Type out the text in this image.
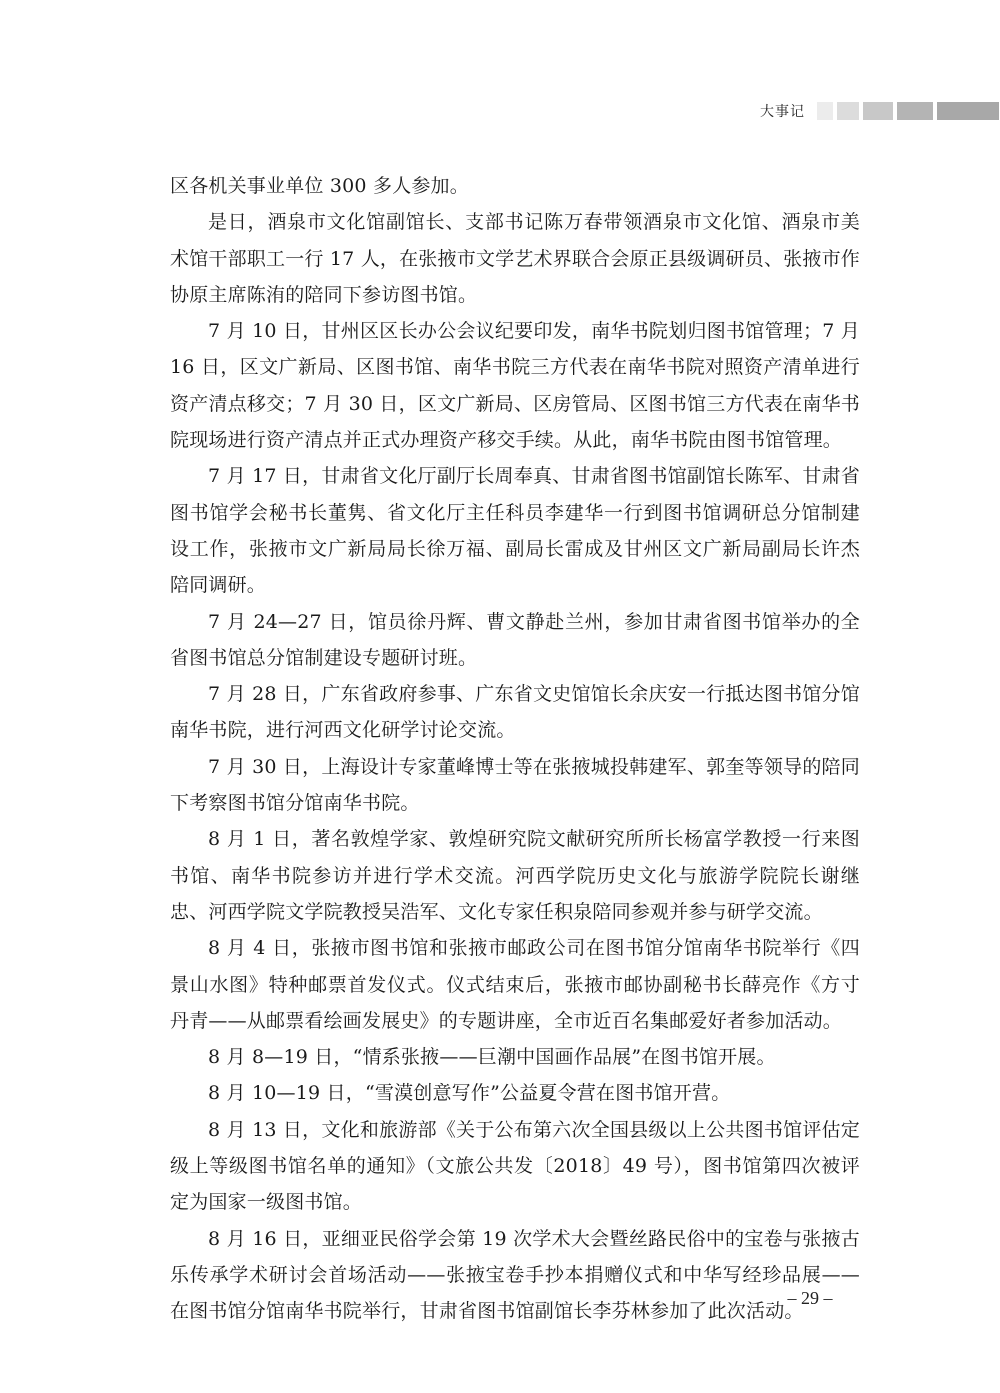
大事记

区各机关事业单位 300 多人参加。

是日，酒泉市文化馆副馆长、支部书记陈万春带领酒泉市文化馆、酒泉市美术馆干部职工一行 17 人，在张掖市文学艺术界联合会原正县级调研员、张掖市作协原主席陈洧的陪同下参访图书馆。

7 月 10 日，甘州区区长办公会议纪要印发，南华书院划归图书馆管理；7 月 16 日，区文广新局、区图书馆、南华书院三方代表在南华书院对照资产清单进行资产清点移交；7 月 30 日，区文广新局、区房管局、区图书馆三方代表在南华书院现场进行资产清点并正式办理资产移交手续。从此，南华书院由图书馆管理。

7 月 17 日，甘肃省文化厅副厅长周奉真、甘肃省图书馆副馆长陈军、甘肃省图书馆学会秘书长董隽、省文化厅主任科员李建华一行到图书馆调研总分馆制建设工作，张掖市文广新局局长徐万福、副局长雷成及甘州区文广新局副局长许杰陪同调研。

7 月 24—27 日，馆员徐丹辉、曹文静赴兰州，参加甘肃省图书馆举办的全省图书馆总分馆制建设专题研讨班。

7 月 28 日，广东省政府参事、广东省文史馆馆长余庆安一行抵达图书馆分馆南华书院，进行河西文化研学讨论交流。

7 月 30 日，上海设计专家董峰博士等在张掖城投韩建军、郭奎等领导的陪同下考察图书馆分馆南华书院。

8 月 1 日，著名敦煌学家、敦煌研究院文献研究所所长杨富学教授一行来图书馆、南华书院参访并进行学术交流。河西学院历史文化与旅游学院院长谢继忠、河西学院文学院教授吴浩军、文化专家任积泉陪同参观并参与研学交流。

8 月 4 日，张掖市图书馆和张掖市邮政公司在图书馆分馆南华书院举行《四景山水图》特种邮票首发仪式。仪式结束后，张掖市邮协副秘书长薛亮作《方寸丹青——从邮票看绘画发展史》的专题讲座，全市近百名集邮爱好者参加活动。

8 月 8—19 日，“情系张掖——巨潮中国画作品展”在图书馆开展。

8 月 10—19 日，“雪漠创意写作”公益夏令营在图书馆开营。

8 月 13 日，文化和旅游部《关于公布第六次全国县级以上公共图书馆评估定级上等级图书馆名单的通知》（文旅公共发〔2018〕49 号），图书馆第四次被评定为国家一级图书馆。

8 月 16 日，亚细亚民俗学会第 19 次学术大会暨丝路民俗中的宝卷与张掖古乐传承学术研讨会首场活动——张掖宝卷手抄本捐赠仪式和中华写经珍品展——在图书馆分馆南华书院举行，甘肃省图书馆副馆长李芬林参加了此次活动。

– 29 –
